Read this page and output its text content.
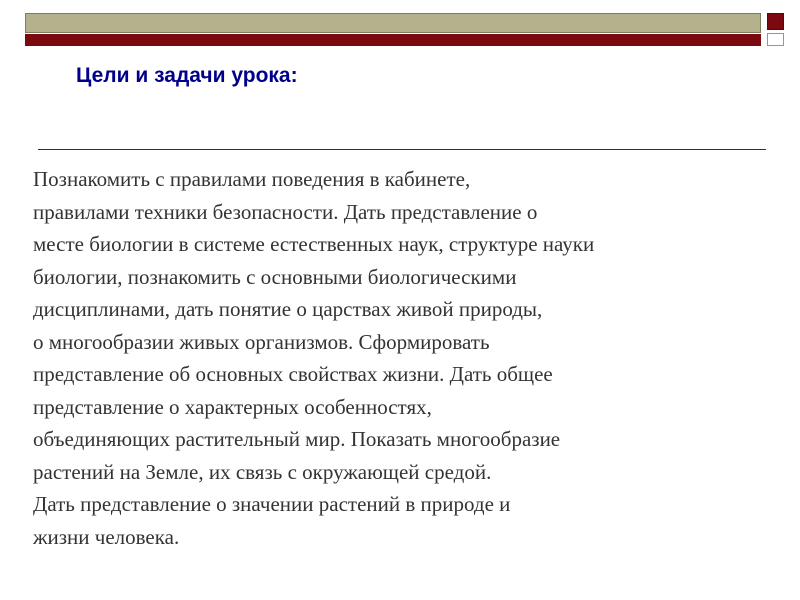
Цели и задачи урока:
Познакомить с правилами поведения в кабинете,
правилами техники безопасности. Дать представление о
месте биологии в системе естественных наук, структуре науки
биологии, познакомить с основными биологическими
дисциплинами, дать понятие о царствах живой природы,
о многообразии живых организмов. Сформировать
представление об основных свойствах жизни. Дать общее
представление о характерных особенностях,
объединяющих растительный мир. Показать многообразие
растений на Земле, их связь с окружающей средой.
Дать представление о значении растений в природе и
жизни человека.
